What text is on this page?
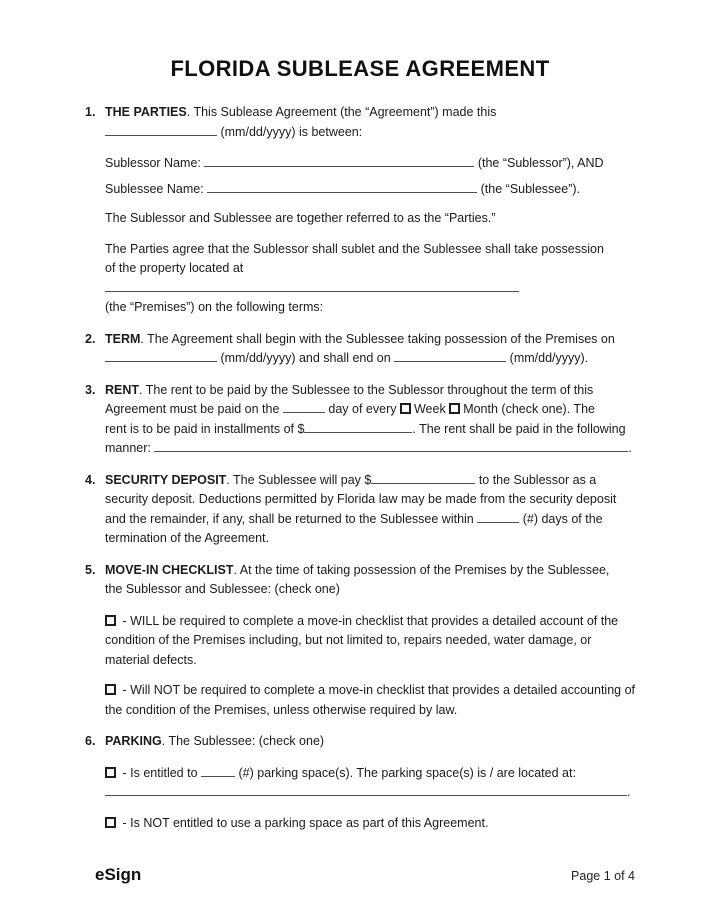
FLORIDA SUBLEASE AGREEMENT
1. THE PARTIES. This Sublease Agreement (the “Agreement”) made this
(mm/dd/yyyy) is between:

Sublessor Name:	(the “Sublessor”), AND

Sublessee Name:	(the “Sublessee”).

The Sublessor and Sublessee are together referred to as the “Parties.”

The Parties agree that the Sublessor shall sublet and the Sublessee shall take possession
of the property located at
(the “Premises”) on the following terms:

2. TERM. The Agreement shall begin with the Sublessee taking possession of the Premises on
(mm/dd/yyyy) and shall end on	(mm/dd/yyyy).

3. RENT. The rent to be paid by the Sublessee to the Sublessor throughout the term of this
Agreement must be paid on the	day of every Week Month (check one). The
rent is to be paid in installments of $	. The rent shall be paid in the following
manner:	.

4. SECURITY DEPOSIT. The Sublessee will pay $	to the Sublessor as a
security deposit. Deductions permitted by Florida law may be made from the security deposit
and the remainder, if any, shall be returned to the Sublessee within	(#) days of the
termination of the Agreement.

5. MOVE-IN CHECKLIST. At the time of taking possession of the Premises by the Sublessee,
the Sublessor and Sublessee: (check one)

- WILL be required to complete a move-in checklist that provides a detailed account of the condition of the Premises including, but not limited to, repairs needed, water damage, or material defects.

- Will NOT be required to complete a move-in checklist that provides a detailed accounting of the condition of the Premises, unless otherwise required by law.

6. PARKING. The Sublessee: (check one)

- Is entitled to	(#) parking space(s). The parking space(s) is / are located at:
.

- Is NOT entitled to use a parking space as part of this Agreement.

eSign	Page 1 of 4
